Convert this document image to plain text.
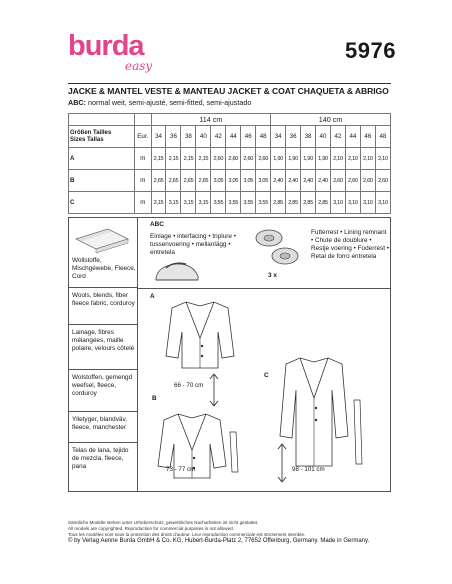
burda
easy
5976
JACKE & MANTEL VESTE & MANTEAU JACKET & COAT CHAQUETA & ABRIGO
ABC: normal weit, semi-ajusté, semi-fitted, semi-ajustado
		114 cm								140 cm							
Größen Tailles
Sizes Tallas	Eur.	34	36	38	40	42	44	46	48	34	36	38	40	42	44	46	48
A	m	2,15	2,15	2,15	2,15	2,60	2,60	2,60	2,60	1,90	1,90	1,90	1,90	2,10	2,10	2,10	2,10
B	m	2,65	2,65	2,65	2,65	3,05	3,05	3,05	3,05	2,40	2,40	2,40	2,40	2,60	2,60	2,60	2,60
C	m	3,15	3,15	3,15	3,15	3,55	3,55	3,55	3,55	2,85	2,85	2,85	2,85	3,10	3,10	3,10	3,10
Wollstoffe, Mischgewebe, Fleece, Cord
Wools, blends, fiber fleece fabric, corduroy
Lainage, fibres mélangées, maille polaire, velours côtelé
Wolstoffen, gemengd weefsel, fleece, corduroy
Ylletyger, blandväv, fleece, manchester
Telas de lana, tejido de mezcla, fleece, pana
ABC
Einlage • interfacing • triplure • tussenvoering • mellanlägg • entretela
3 x
Futterrest • Lining remnant • Chute de doublure • Restje voering • Foderrest • Retal de forro entretela
A
B
C
66 - 70 cm
73 - 77 cm	98 - 101 cm
Sämtliche Modelle stehen unter Urheberschutz, gewerbliches Nacharbeiten ist nicht gestattet.
All models are copyrighted. Reproduction for commercial purposes is not allowed.
Tous les modèles sont sous la protection des droits d'auteur. Leur reproduction commerciale est strictement interdite.
© by Verlag Aenne Burda GmbH & Co. KG, Hubert-Burda-Platz 2, 77652 Offenburg, Germany. Made in Germany.
